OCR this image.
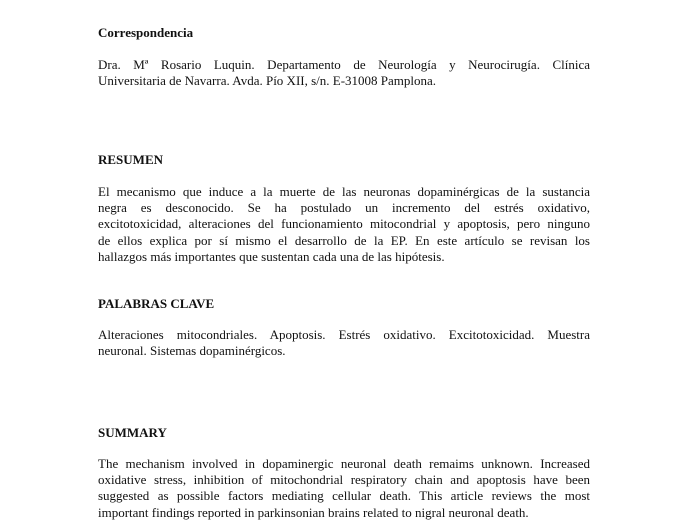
Correspondencia
Dra. Mª Rosario Luquin. Departamento de Neurología y Neurocirugía. Clínica
Universitaria de Navarra. Avda. Pío XII, s/n. E-31008 Pamplona.
RESUMEN
El mecanismo que induce a la muerte de las neuronas dopaminérgicas de la sustancia
negra es desconocido. Se ha postulado un incremento del estrés oxidativo,
excitotoxicidad, alteraciones del funcionamiento mitocondrial y apoptosis, pero ninguno
de ellos explica por sí mismo el desarrollo de la EP. En este artículo se revisan los
hallazgos más importantes que sustentan cada una de las hipótesis.
PALABRAS CLAVE
Alteraciones mitocondriales. Apoptosis. Estrés oxidativo. Excitotoxicidad. Muestra
neuronal. Sistemas dopaminérgicos.
SUMMARY
The mechanism involved in dopaminergic neuronal death remaims unknown. Increased
oxidative stress, inhibition of mitochondrial respiratory chain and apoptosis have been
suggested as possible factors mediating cellular death. This article reviews the most
important findings reported in parkinsonian brains related to nigral neuronal death.
